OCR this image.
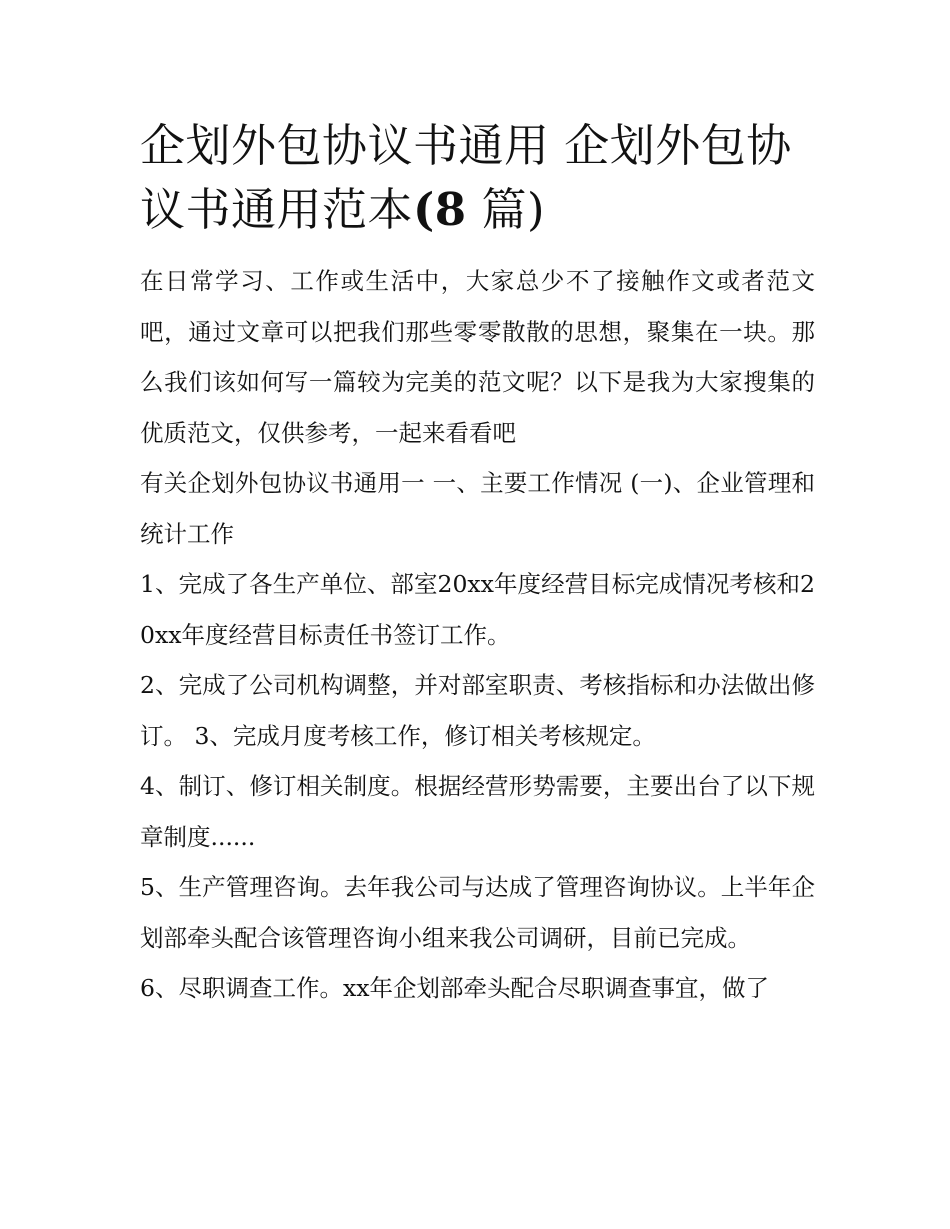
企划外包协议书通用 企划外包协议书通用范本(8 篇)

在日常学习、工作或生活中，大家总少不了接触作文或者范文吧，通过文章可以把我们那些零零散散的思想，聚集在一块。那么我们该如何写一篇较为完美的范文呢？以下是我为大家搜集的优质范文，仅供参考，一起来看看吧

有关企划外包协议书通用一 一、主要工作情况 (一)、企业管理和统计工作

1、完成了各生产单位、部室20xx年度经营目标完成情况考核和20xx年度经营目标责任书签订工作。

2、完成了公司机构调整，并对部室职责、考核指标和办法做出修订。 3、完成月度考核工作，修订相关考核规定。

4、制订、修订相关制度。根据经营形势需要，主要出台了以下规章制度......

5、生产管理咨询。去年我公司与达成了管理咨询协议。上半年企划部牵头配合该管理咨询小组来我公司调研，目前已完成。

6、尽职调查工作。xx年企划部牵头配合尽职调查事宜，做了
